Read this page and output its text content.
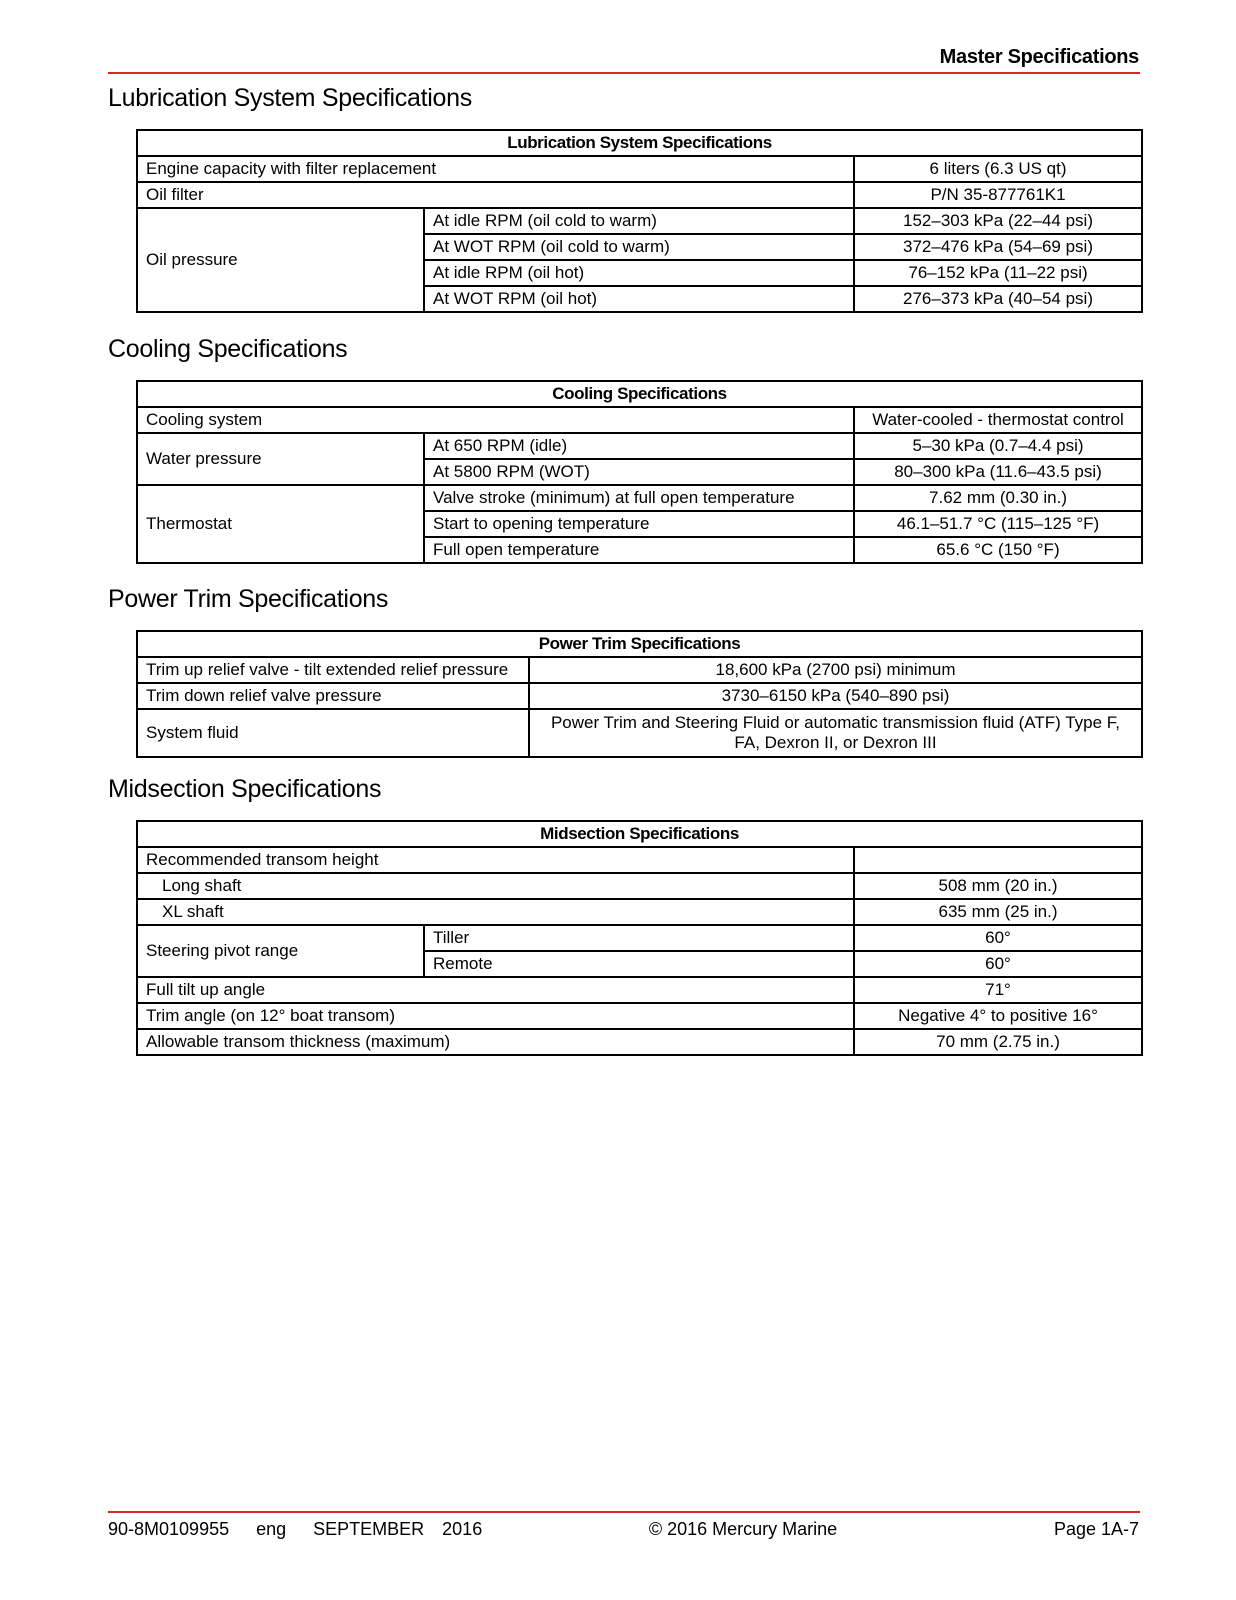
Master Specifications
Lubrication System Specifications
Lubrication System Specifications		
Engine capacity with filter replacement		6 liters (6.3 US qt)
Oil filter		P/N 35-877761K1
Oil pressure	At idle RPM (oil cold to warm)	152–303 kPa (22–44 psi)
	At WOT RPM (oil cold to warm)	372–476 kPa (54–69 psi)
	At idle RPM (oil hot)	76–152 kPa (11–22 psi)
	At WOT RPM (oil hot)	276–373 kPa (40–54 psi)
Cooling Specifications
Cooling Specifications		
Cooling system		Water-cooled - thermostat control
Water pressure	At 650 RPM (idle)	5–30 kPa (0.7–4.4 psi)
	At 5800 RPM (WOT)	80–300 kPa (11.6–43.5 psi)
Thermostat	Valve stroke (minimum) at full open temperature	7.62 mm (0.30 in.)
	Start to opening temperature	46.1–51.7 °C (115–125 °F)
	Full open temperature	65.6 °C (150 °F)
Power Trim Specifications
Power Trim Specifications	
Trim up relief valve - tilt extended relief pressure	18,600 kPa (2700 psi) minimum
Trim down relief valve pressure	3730–6150 kPa (540–890 psi)
System fluid	Power Trim and Steering Fluid or automatic transmission fluid (ATF) Type F, FA, Dexron II, or Dexron III
Midsection Specifications
Midsection Specifications		
Recommended transom height		
Long shaft		508 mm (20 in.)
XL shaft		635 mm (25 in.)
Steering pivot range	Tiller	60°
	Remote	60°
Full tilt up angle		71°
Trim angle (on 12° boat transom)		Negative 4° to positive 16°
Allowable transom thickness (maximum)		70 mm (2.75 in.)
90-8M0109955   eng   SEPTEMBER  2016	© 2016 Mercury Marine	Page 1A-7
